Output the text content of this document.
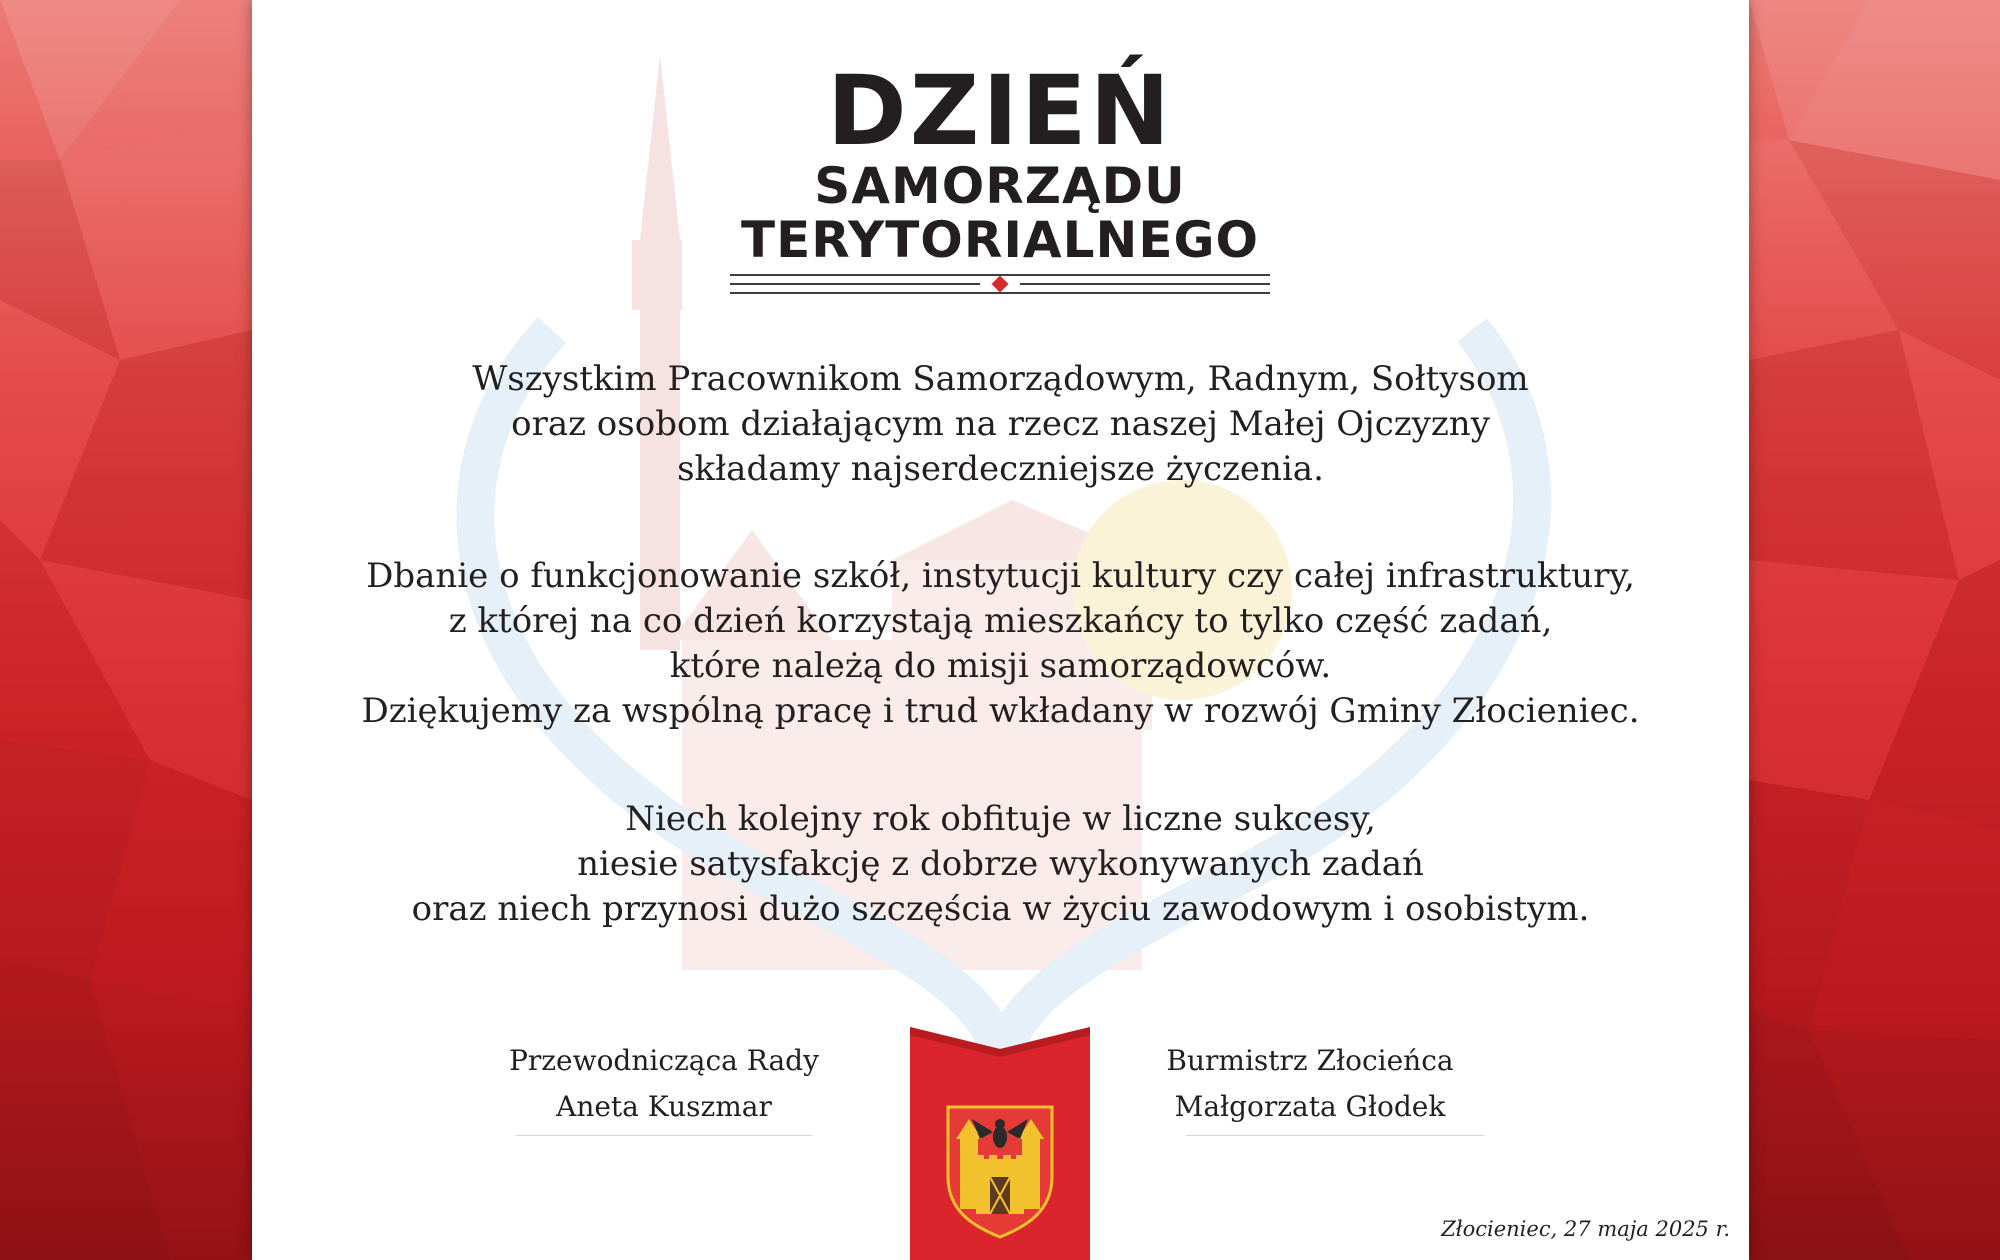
DZIEŃ
SAMORZĄDU
TERYTORIALNEGO
Wszystkim Pracownikom Samorządowym, Radnym, Sołtysom
oraz osobom działającym na rzecz naszej Małej Ojczyzny
składamy najserdeczniejsze życzenia.
Dbanie o funkcjonowanie szkół, instytucji kultury czy całej infrastruktury,
z której na co dzień korzystają mieszkańcy to tylko część zadań,
które należą do misji samorządowców.
Dziękujemy za wspólną pracę i trud wkładany w rozwój Gminy Złocieniec.
Niech kolejny rok obfituje w liczne sukcesy,
niesie satysfakcję z dobrze wykonywanych zadań
oraz niech przynosi dużo szczęścia w życiu zawodowym i osobistym.
Przewodnicząca Rady
Aneta Kuszmar
Burmistrz Złocieńca
Małgorzata Głodek
Złocieniec, 27 maja 2025 r.
